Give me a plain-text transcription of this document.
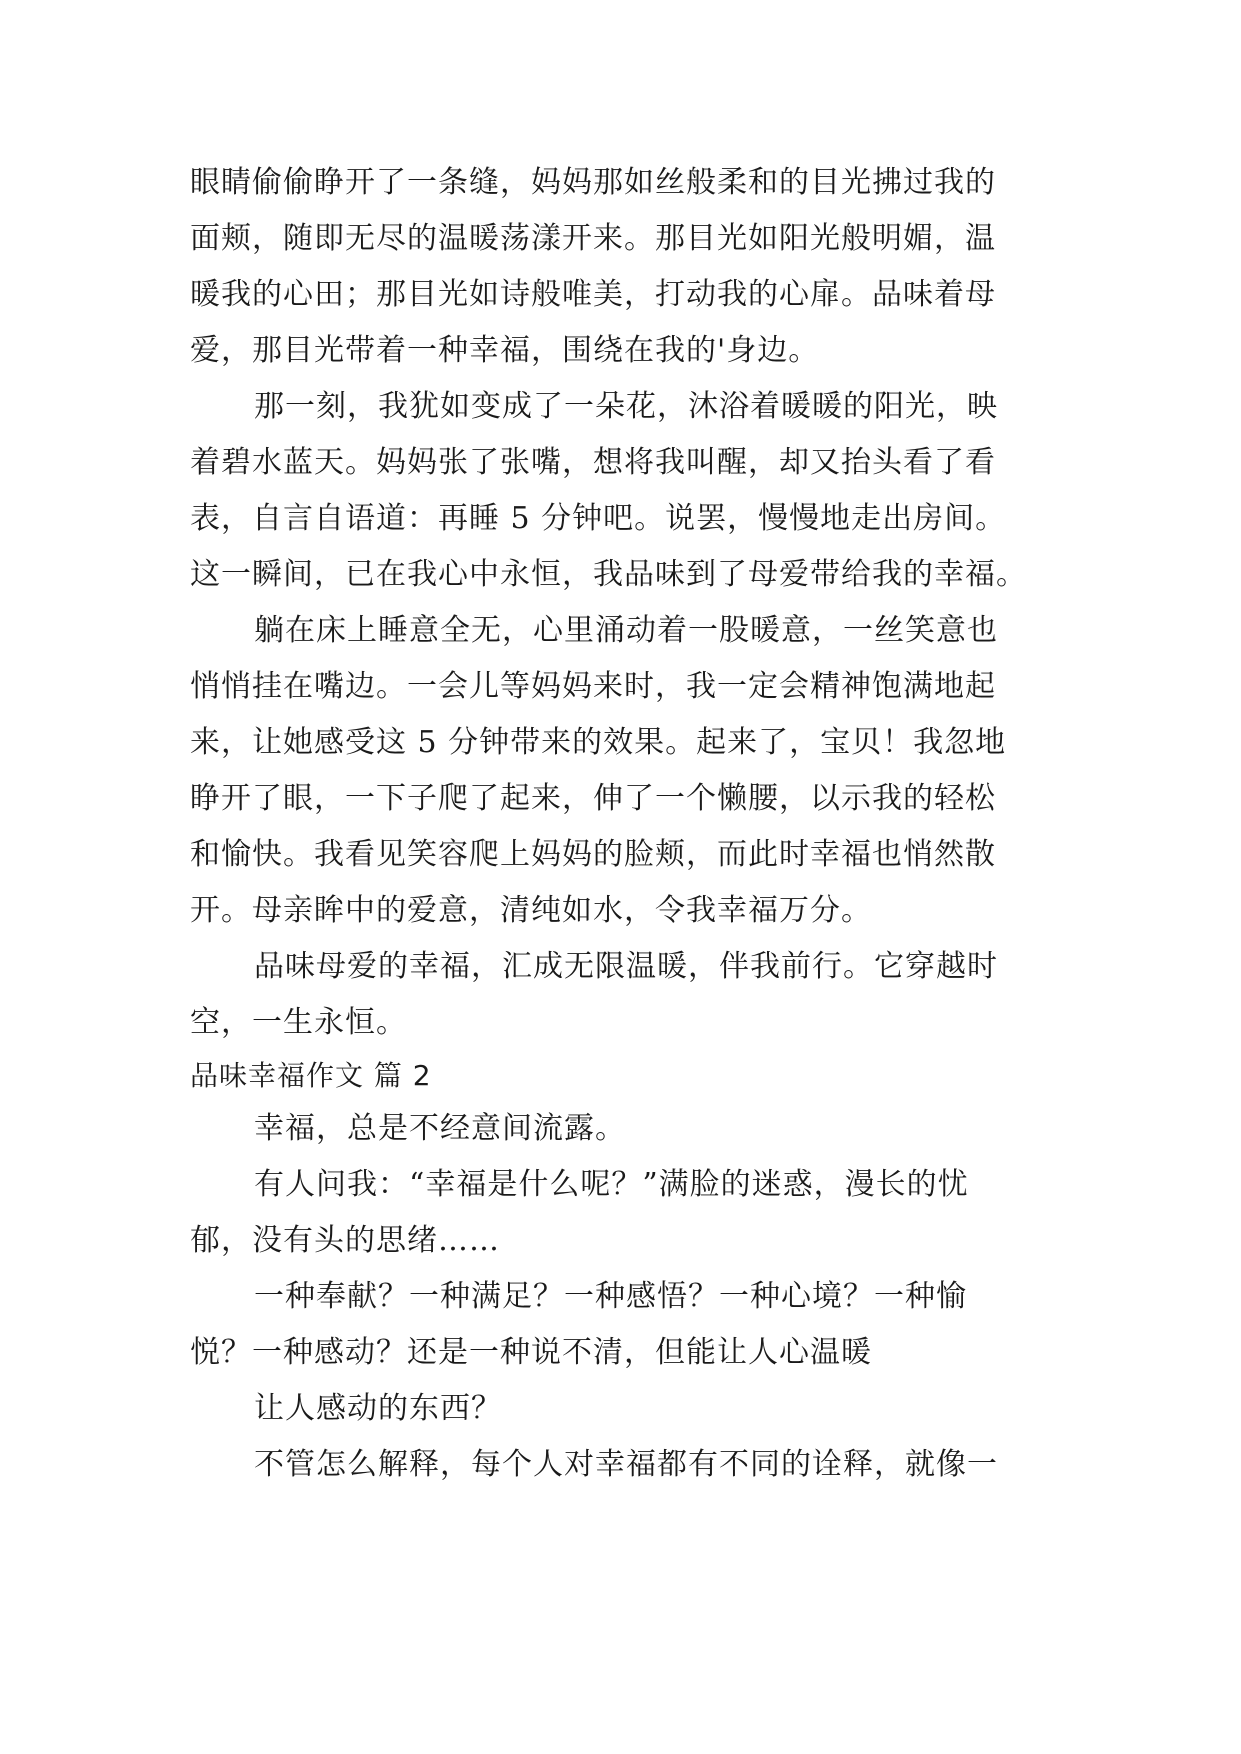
眼睛偷偷睁开了一条缝，妈妈那如丝般柔和的目光拂过我的
面颊，随即无尽的温暖荡漾开来。那目光如阳光般明媚，温
暖我的心田；那目光如诗般唯美，打动我的心扉。品味着母
爱，那目光带着一种幸福，围绕在我的'身边。
那一刻，我犹如变成了一朵花，沐浴着暖暖的阳光，映
着碧水蓝天。妈妈张了张嘴，想将我叫醒，却又抬头看了看
表，自言自语道：再睡 5 分钟吧。说罢，慢慢地走出房间。
这一瞬间，已在我心中永恒，我品味到了母爱带给我的幸福。
躺在床上睡意全无，心里涌动着一股暖意，一丝笑意也
悄悄挂在嘴边。一会儿等妈妈来时，我一定会精神饱满地起
来，让她感受这 5 分钟带来的效果。起来了，宝贝！我忽地
睁开了眼，一下子爬了起来，伸了一个懒腰，以示我的轻松
和愉快。我看见笑容爬上妈妈的脸颊，而此时幸福也悄然散
开。母亲眸中的爱意，清纯如水，令我幸福万分。
品味母爱的幸福，汇成无限温暖，伴我前行。它穿越时
空，一生永恒。
品味幸福作文 篇 2
幸福，总是不经意间流露。
有人问我：“幸福是什么呢？”满脸的迷惑，漫长的忧
郁，没有头的思绪……
一种奉献？一种满足？一种感悟？一种心境？一种愉
悦？一种感动？还是一种说不清，但能让人心温暖
让人感动的东西？
不管怎么解释，每个人对幸福都有不同的诠释，就像一
